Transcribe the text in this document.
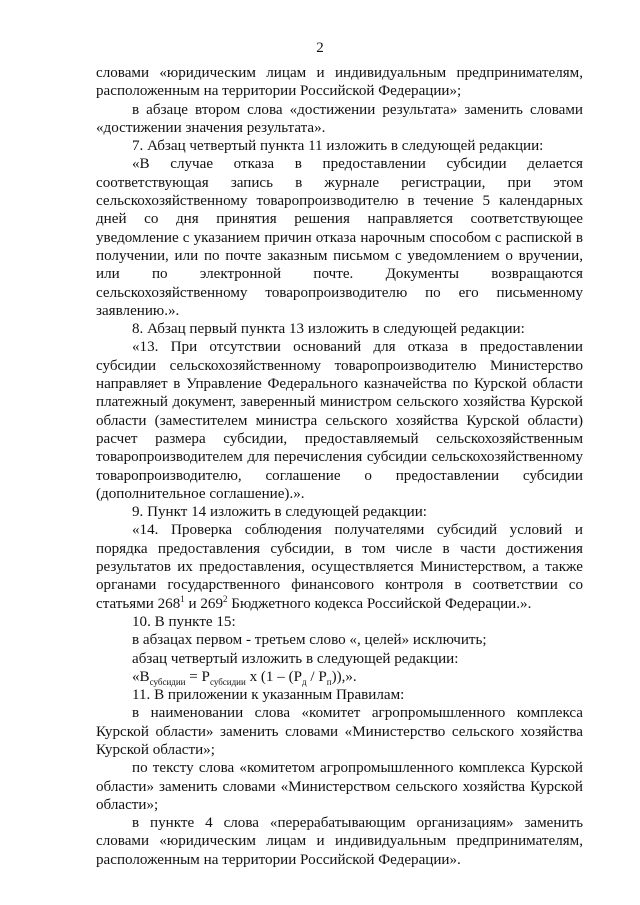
2

словами «юридическим лицам и индивидуальным предпринимателям, расположенным на территории Российской Федерации»;

в абзаце втором слова «достижении результата» заменить словами «достижении значения результата».

7. Абзац четвертый пункта 11 изложить в следующей редакции:

«В случае отказа в предоставлении субсидии делается соответствующая запись в журнале регистрации, при этом сельскохозяйственному товаропроизводителю в течение 5 календарных дней со дня принятия решения направляется соответствующее уведомление с указанием причин отказа нарочным способом с распиской в получении, или по почте заказным письмом с уведомлением о вручении, или по электронной почте. Документы возвращаются сельскохозяйственному товаропроизводителю по его письменному заявлению.».

8. Абзац первый пункта 13 изложить в следующей редакции:

«13. При отсутствии оснований для отказа в предоставлении субсидии сельскохозяйственному товаропроизводителю Министерство направляет в Управление Федерального казначейства по Курской области платежный документ, заверенный министром сельского хозяйства Курской области (заместителем министра сельского хозяйства Курской области) расчет размера субсидии, предоставляемый сельскохозяйственным товаропроизводителем для перечисления субсидии сельскохозяйственному товаропроизводителю, соглашение о предоставлении субсидии (дополнительное соглашение).».

9. Пункт 14 изложить в следующей редакции:

«14. Проверка соблюдения получателями субсидий условий и порядка предоставления субсидии, в том числе в части достижения результатов их предоставления, осуществляется Министерством, а также органами государственного финансового контроля в соответствии со статьями $268^1$ и $269^2$ Бюджетного кодекса Российской Федерации.».

10. В пункте 15:

в абзацах первом - третьем слово «, целей» исключить;

абзац четвертый изложить в следующей редакции:

«$В_{субсидии} = P_{субсидии}$ x $(1 - (P_д / P_п))$,».

11. В приложении к указанным Правилам:

в наименовании слова «комитет агропромышленного комплекса Курской области» заменить словами «Министерство сельского хозяйства Курской области»;

по тексту слова «комитетом агропромышленного комплекса Курской области» заменить словами «Министерством сельского хозяйства Курской области»;

в пункте 4 слова «перерабатывающим организациям» заменить словами «юридическим лицам и индивидуальным предпринимателям, расположенным на территории Российской Федерации».
